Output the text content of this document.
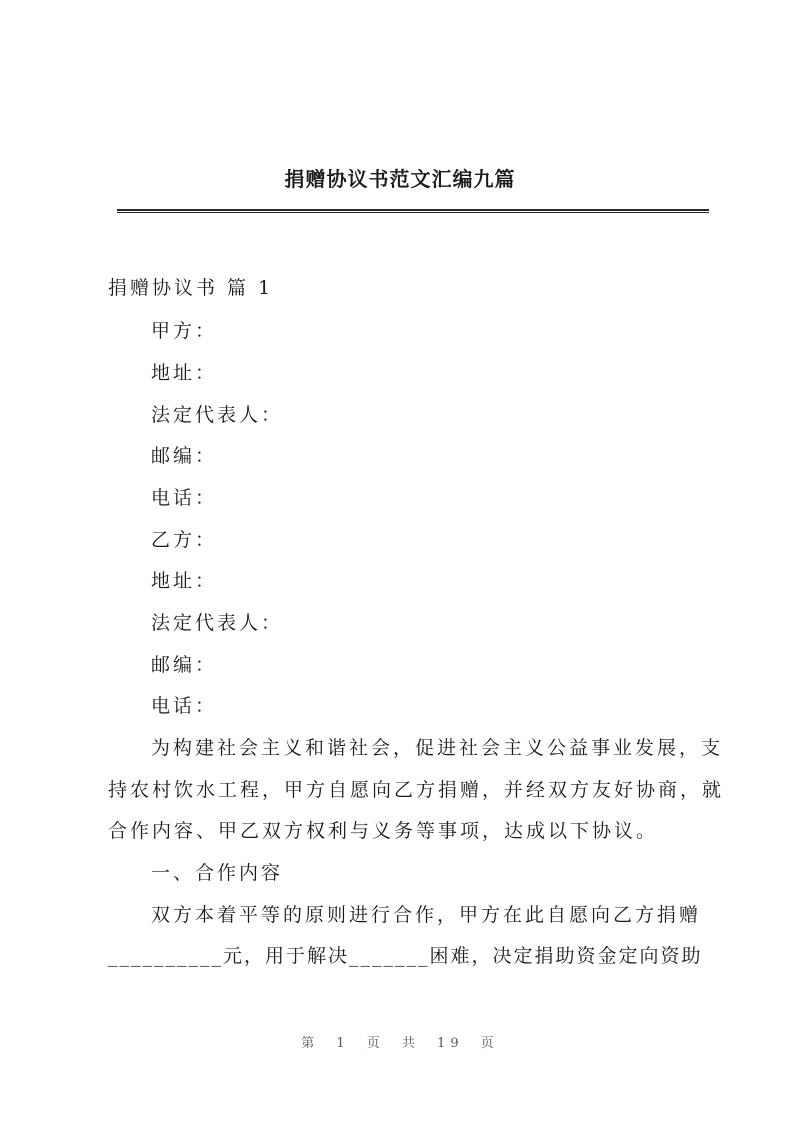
捐赠协议书范文汇编九篇

捐赠协议书 篇 1

甲方：

地址：

法定代表人：

邮编：

电话：

乙方：

地址：

法定代表人：

邮编：

电话：

为构建社会主义和谐社会，促进社会主义公益事业发展，支

持农村饮水工程，甲方自愿向乙方捐赠，并经双方友好协商，就

合作内容、甲乙双方权利与义务等事项，达成以下协议。

一、合作内容

双方本着平等的原则进行合作，甲方在此自愿向乙方捐赠

__________元，用于解决_______困难，决定捐助资金定向资助

第 1 页 共 19 页
